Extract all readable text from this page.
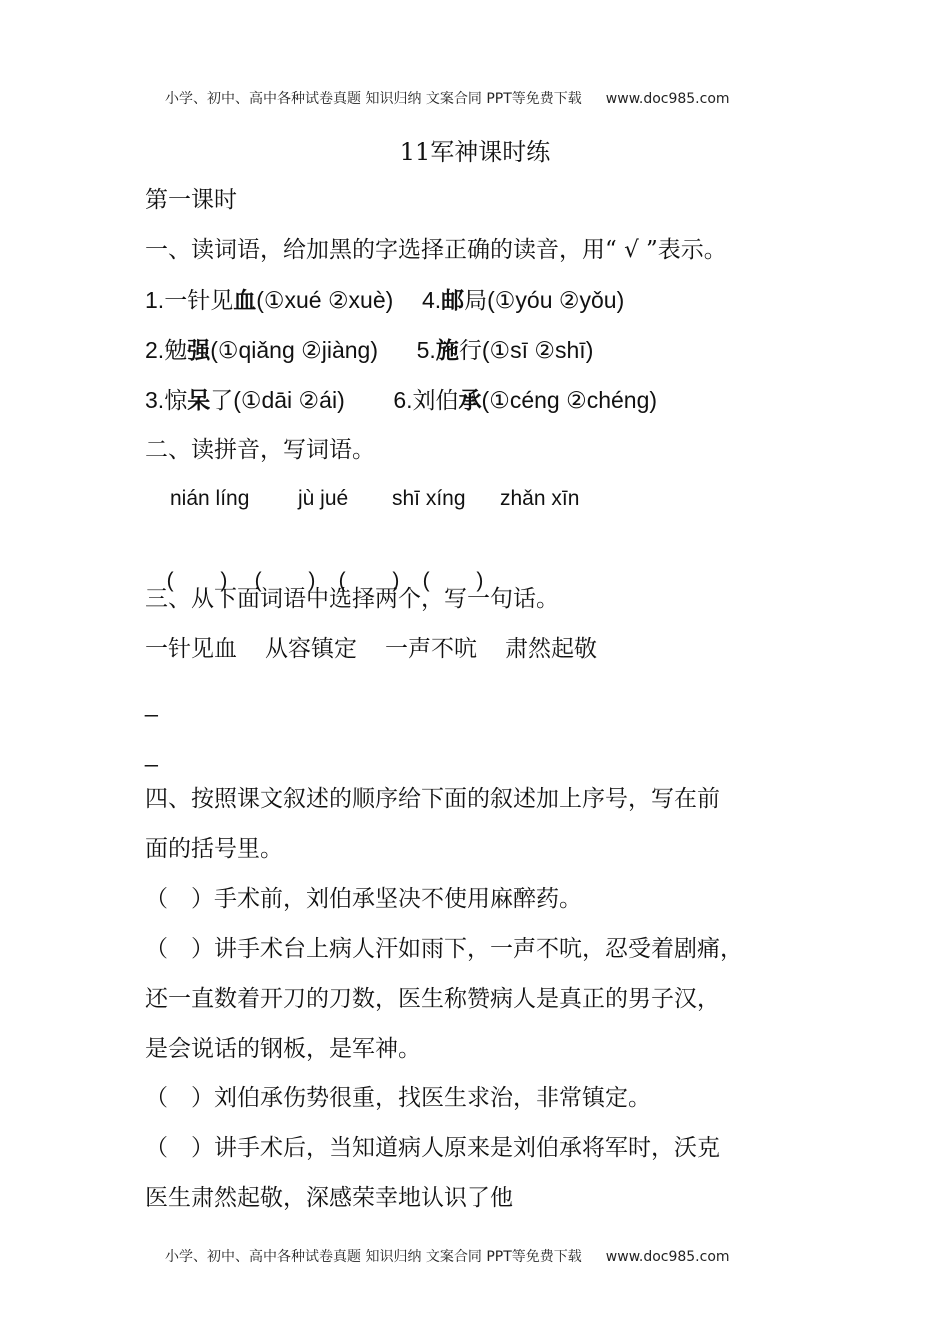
小学、初中、高中各种试卷真题 知识归纳 文案合同 PPT等免费下载 www.doc985.com
11军神课时练
第一课时
一、读词语，给加黑的字选择正确的读音，用“ √ ”表示。
1.一针见血(①xué ②xuè) 4.邮局(①yóu ②yǒu)
2.勉强(①qiǎng ②jiàng) 5.施行(①sī ②shī)
3.惊呆了(①dāi ②ái) 6.刘伯承(①céng ②chéng)
二、读拼音，写词语。
nián líng jù jué shī xíng zhǎn xīn

(        ) (        ) (        ) (        )

三、从下面词语中选择两个，写一句话。
一针见血 从容镇定 一声不吭 肃然起敬
_
_
四、按照课文叙述的顺序给下面的叙述加上序号，写在前
面的括号里。
（　）手术前，刘伯承坚决不使用麻醉药。
（　）讲手术台上病人汗如雨下，一声不吭，忍受着剧痛，
还一直数着开刀的刀数，医生称赞病人是真正的男子汉，
是会说话的钢板，是军神。
（　）刘伯承伤势很重，找医生求治，非常镇定。
（　）讲手术后，当知道病人原来是刘伯承将军时，沃克
医生肃然起敬，深感荣幸地认识了他
小学、初中、高中各种试卷真题 知识归纳 文案合同 PPT等免费下载 www.doc985.com
